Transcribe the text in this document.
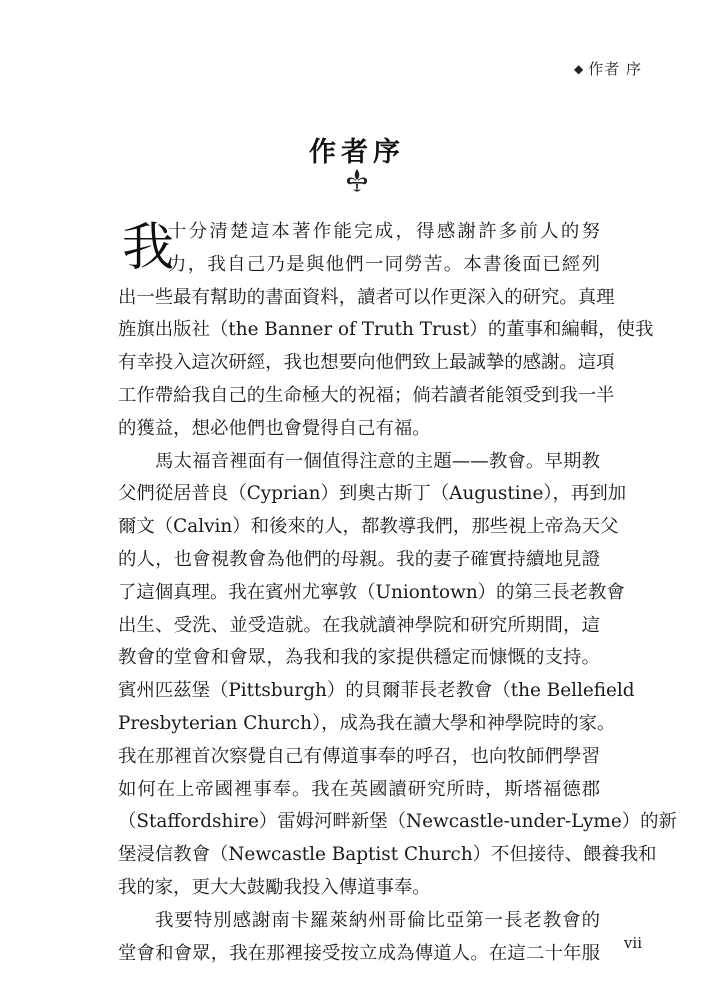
◆ 作者 序
作者序
我
十分清楚這本著作能完成，得感謝許多前人的努
力，我自己乃是與他們一同勞苦。本書後面已經列
出一些最有幫助的書面資料，讀者可以作更深入的研究。真理
旌旗出版社（the Banner of Truth Trust）的董事和編輯，使我
有幸投入這次研經，我也想要向他們致上最誠摯的感謝。這項
工作帶給我自己的生命極大的祝福；倘若讀者能領受到我一半
的獲益，想必他們也會覺得自己有福。
馬太福音裡面有一個值得注意的主題——教會。早期教
父們從居普良（Cyprian）到奧古斯丁（Augustine），再到加
爾文（Calvin）和後來的人，都教導我們，那些視上帝為天父
的人，也會視教會為他們的母親。我的妻子確實持續地見證
了這個真理。我在賓州尤寧敦（Uniontown）的第三長老教會
出生、受洗、並受造就。在我就讀神學院和研究所期間，這
教會的堂會和會眾，為我和我的家提供穩定而慷慨的支持。
賓州匹茲堡（Pittsburgh）的貝爾菲長老教會（the Bellefield
Presbyterian Church），成為我在讀大學和神學院時的家。
我在那裡首次察覺自己有傳道事奉的呼召，也向牧師們學習
如何在上帝國裡事奉。我在英國讀研究所時，斯塔福德郡
（Staffordshire）雷姆河畔新堡（Newcastle-under-Lyme）的新
堡浸信教會（Newcastle Baptist Church）不但接待、餵養我和
我的家，更大大鼓勵我投入傳道事奉。
我要特別感謝南卡羅萊納州哥倫比亞第一長老教會的
堂會和會眾，我在那裡接受按立成為傳道人。在這二十年服 vii
